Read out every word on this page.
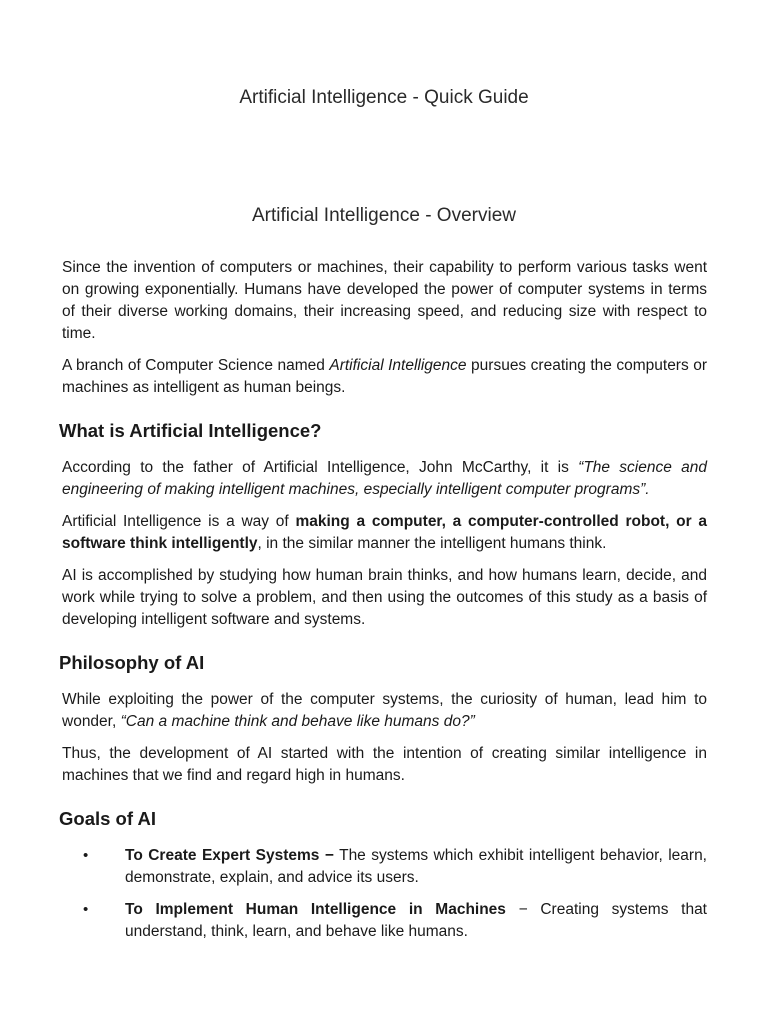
Artificial Intelligence - Quick Guide
Artificial Intelligence - Overview

Since the invention of computers or machines, their capability to perform various tasks went on growing exponentially. Humans have developed the power of computer systems in terms of their diverse working domains, their increasing speed, and reducing size with respect to time.

A branch of Computer Science named Artificial Intelligence pursues creating the computers or machines as intelligent as human beings.

What is Artificial Intelligence?

According to the father of Artificial Intelligence, John McCarthy, it is “The science and engineering of making intelligent machines, especially intelligent computer programs”.

Artificial Intelligence is a way of making a computer, a computer-controlled robot, or a software think intelligently, in the similar manner the intelligent humans think.

AI is accomplished by studying how human brain thinks, and how humans learn, decide, and work while trying to solve a problem, and then using the outcomes of this study as a basis of developing intelligent software and systems.

Philosophy of AI

While exploiting the power of the computer systems, the curiosity of human, lead him to wonder, “Can a machine think and behave like humans do?”

Thus, the development of AI started with the intention of creating similar intelligence in machines that we find and regard high in humans.

Goals of AI
• To Create Expert Systems − The systems which exhibit intelligent behavior, learn, demonstrate, explain, and advice its users.
• To Implement Human Intelligence in Machines − Creating systems that understand, think, learn, and behave like humans.
